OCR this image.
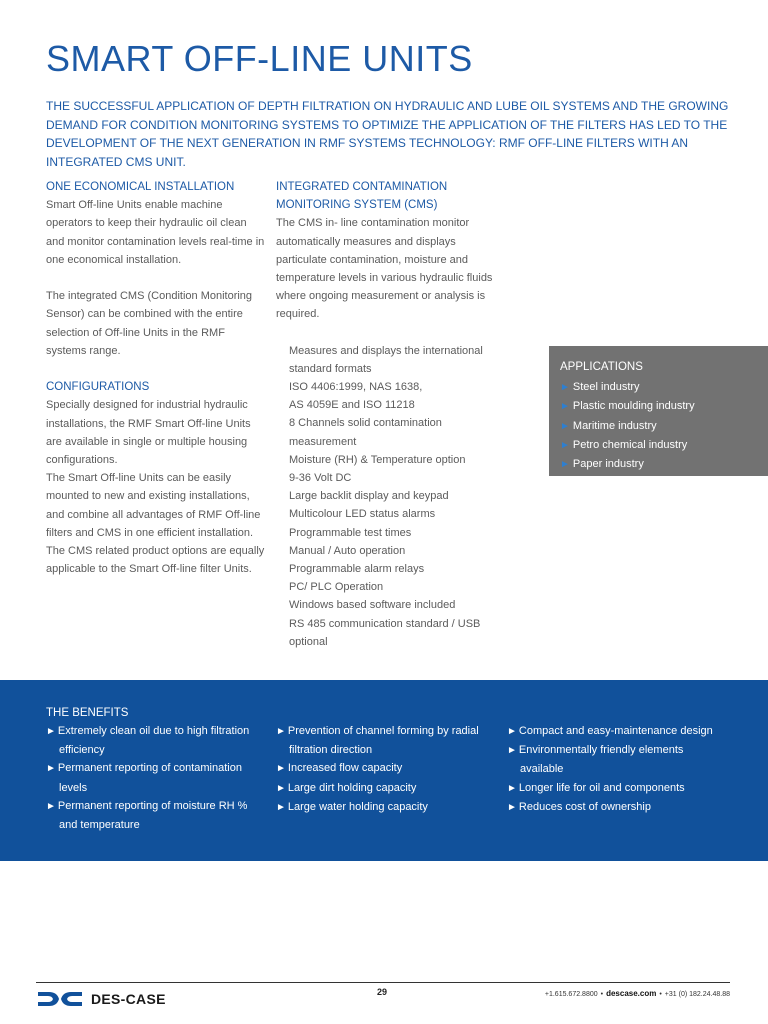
SMART OFF-LINE UNITS

THE SUCCESSFUL APPLICATION OF DEPTH FILTRATION ON HYDRAULIC AND LUBE OIL SYSTEMS AND THE GROWING DEMAND FOR CONDITION MONITORING SYSTEMS TO OPTIMIZE THE APPLICATION OF THE FILTERS HAS LED TO THE DEVELOPMENT OF THE NEXT GENERATION IN RMF SYSTEMS TECHNOLOGY: RMF OFF-LINE FILTERS WITH AN INTEGRATED CMS UNIT.

ONE ECONOMICAL INSTALLATION

Smart Off-line Units enable machine operators to keep their hydraulic oil clean and monitor contamination levels real-time in one economical installation.

The integrated CMS (Condition Monitoring Sensor) can be combined with the entire selection of Off-line Units in the RMF systems range.

CONFIGURATIONS

Specially designed for industrial hydraulic installations, the RMF Smart Off-line Units are available in single or multiple housing configurations.

The Smart Off-line Units can be easily mounted to new and existing installations, and combine all advantages of RMF Off-line filters and CMS in one efficient installation. The CMS related product options are equally applicable to the Smart Off-line filter Units.

INTEGRATED CONTAMINATION MONITORING SYSTEM (CMS)

The CMS in- line contamination monitor automatically measures and displays particulate contamination, moisture and temperature levels in various hydraulic fluids where ongoing measurement or analysis is required.

Measures and displays the international standard formats
ISO 4406:1999, NAS 1638,
AS 4059E and ISO 11218
8 Channels solid contamination measurement
Moisture (RH) & Temperature option
9-36 Volt DC
Large backlit display and keypad
Multicolour LED status alarms
Programmable test times
Manual / Auto operation
Programmable alarm relays
PC/ PLC Operation
Windows based software included
RS 485 communication standard / USB optional
APPLICATIONS
► Steel industry
► Plastic moulding industry
► Maritime industry
► Petro chemical industry
► Paper industry
THE BENEFITS
► Extremely clean oil due to high filtration efficiency
► Permanent reporting of contamination levels
► Permanent reporting of moisture RH % and temperature
► Prevention of channel forming by radial filtration direction
► Increased flow capacity
► Large dirt holding capacity
► Large water holding capacity
► Compact and easy-maintenance design
► Environmentally friendly elements available
► Longer life for oil and components
► Reduces cost of ownership
DES-CASE	29	+1.615.672.8800 • descase.com • +31 (0) 182.24.48.88
